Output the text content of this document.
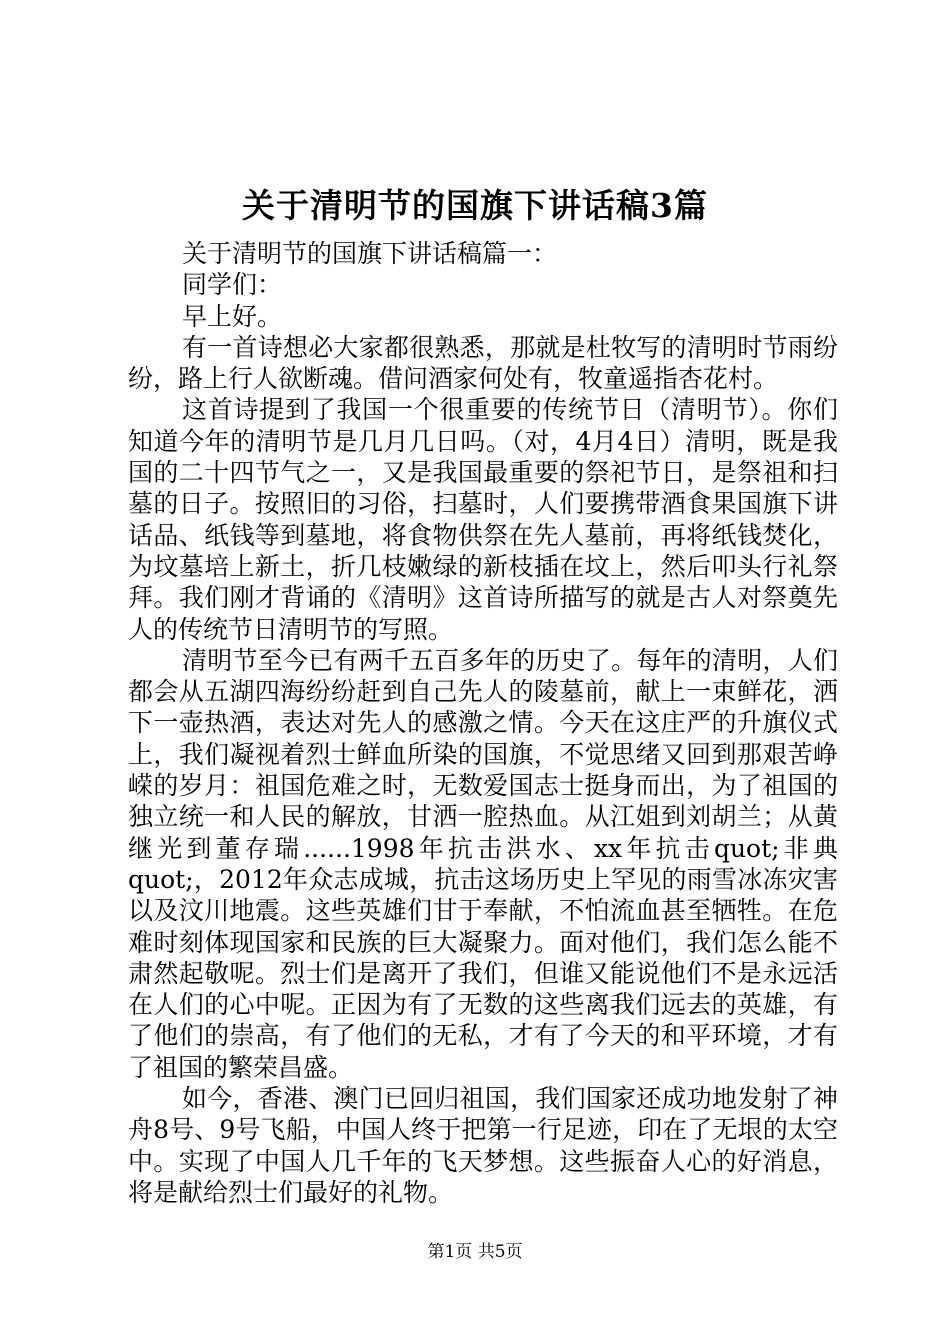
关于清明节的国旗下讲话稿3篇

关于清明节的国旗下讲话稿篇一：

同学们：

早上好。

有一首诗想必大家都很熟悉，那就是杜牧写的清明时节雨纷纷，路上行人欲断魂。借问酒家何处有，牧童遥指杏花村。

这首诗提到了我国一个很重要的传统节日（清明节）。你们知道今年的清明节是几月几日吗。（对，4月4日）清明，既是我国的二十四节气之一，又是我国最重要的祭祀节日，是祭祖和扫墓的日子。按照旧的习俗，扫墓时，人们要携带酒食果国旗下讲话品、纸钱等到墓地，将食物供祭在先人墓前，再将纸钱焚化，为坟墓培上新土，折几枝嫩绿的新枝插在坟上，然后叩头行礼祭拜。我们刚才背诵的《清明》这首诗所描写的就是古人对祭奠先人的传统节日清明节的写照。

清明节至今已有两千五百多年的历史了。每年的清明，人们都会从五湖四海纷纷赶到自己先人的陵墓前，献上一束鲜花，洒下一壶热酒，表达对先人的感激之情。今天在这庄严的升旗仪式上，我们凝视着烈士鲜血所染的国旗，不觉思绪又回到那艰苦峥嵘的岁月：祖国危难之时，无数爱国志士挺身而出，为了祖国的独立统一和人民的解放，甘洒一腔热血。从江姐到刘胡兰；从黄继光到董存瑞......1998年抗击洪水、xx年抗击quot;非典quot;，2012年众志成城，抗击这场历史上罕见的雨雪冰冻灾害以及汶川地震。这些英雄们甘于奉献，不怕流血甚至牺牲。在危难时刻体现国家和民族的巨大凝聚力。面对他们，我们怎么能不肃然起敬呢。烈士们是离开了我们，但谁又能说他们不是永远活在人们的心中呢。正因为有了无数的这些离我们远去的英雄，有了他们的崇高，有了他们的无私，才有了今天的和平环境，才有了祖国的繁荣昌盛。

如今，香港、澳门已回归祖国，我们国家还成功地发射了神舟8号、9号飞船，中国人终于把第一行足迹，印在了无垠的太空中。实现了中国人几千年的飞天梦想。这些振奋人心的好消息，将是献给烈士们最好的礼物。

第1页 共5页
